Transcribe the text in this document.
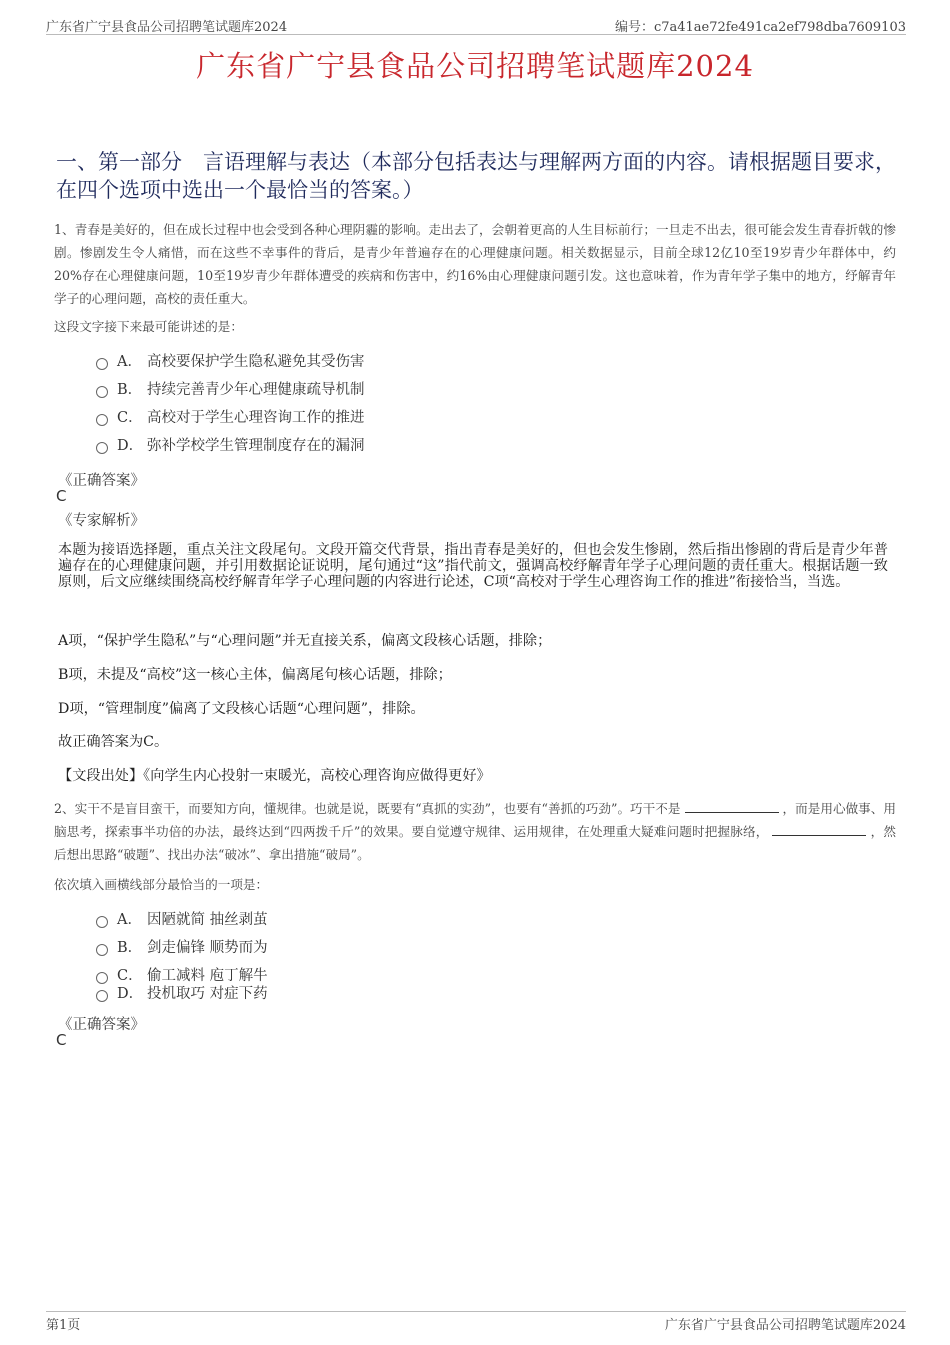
广东省广宁县食品公司招聘笔试题库2024	编号：c7a41ae72fe491ca2ef798dba7609103
广东省广宁县食品公司招聘笔试题库2024
一、第一部分　言语理解与表达（本部分包括表达与理解两方面的内容。请根据题目要求，在四个选项中选出一个最恰当的答案。）
1、青春是美好的，但在成长过程中也会受到各种心理阴霾的影响。走出去了，会朝着更高的人生目标前行；一旦走不出去，很可能会发生青春折戟的惨剧。惨剧发生令人痛惜，而在这些不幸事件的背后，是青少年普遍存在的心理健康问题。相关数据显示，目前全球12亿10至19岁青少年群体中，约20%存在心理健康问题，10至19岁青少年群体遭受的疾病和伤害中，约16%由心理健康问题引发。这也意味着，作为青年学子集中的地方，纾解青年学子的心理问题，高校的责任重大。
这段文字接下来最可能讲述的是：
A． 高校要保护学生隐私避免其受伤害
B． 持续完善青少年心理健康疏导机制
C． 高校对于学生心理咨询工作的推进
D． 弥补学校学生管理制度存在的漏洞
《正确答案》
C
《专家解析》
本题为接语选择题，重点关注文段尾句。文段开篇交代背景，指出青春是美好的，但也会发生惨剧，然后指出惨剧的背后是青少年普遍存在的心理健康问题，并引用数据论证说明，尾句通过“这”指代前文，强调高校纾解青年学子心理问题的责任重大。根据话题一致原则，后文应继续围绕高校纾解青年学子心理问题的内容进行论述，C项“高校对于学生心理咨询工作的推进”衔接恰当，当选。
A项，“保护学生隐私”与“心理问题”并无直接关系，偏离文段核心话题，排除；
B项，未提及“高校”这一核心主体，偏离尾句核心话题，排除；
D项，“管理制度”偏离了文段核心话题“心理问题”，排除。
故正确答案为C。
【文段出处】《向学生内心投射一束暖光，高校心理咨询应做得更好》
2、实干不是盲目蛮干，而要知方向，懂规律。也就是说，既要有“真抓的实劲”，也要有“善抓的巧劲”。巧干不是	，而是用心做事、用脑思考，探索事半功倍的办法，最终达到“四两拨千斤”的效果。要自觉遵守规律、运用规律，在处理重大疑难问题时把握脉络，	，然后想出思路“破题”、找出办法“破冰”、拿出措施“破局”。
依次填入画横线部分最恰当的一项是：
A． 因陋就简 抽丝剥茧
B． 剑走偏锋 顺势而为
C． 偷工减料 庖丁解牛
D． 投机取巧 对症下药
《正确答案》
C
第1页	广东省广宁县食品公司招聘笔试题库2024
